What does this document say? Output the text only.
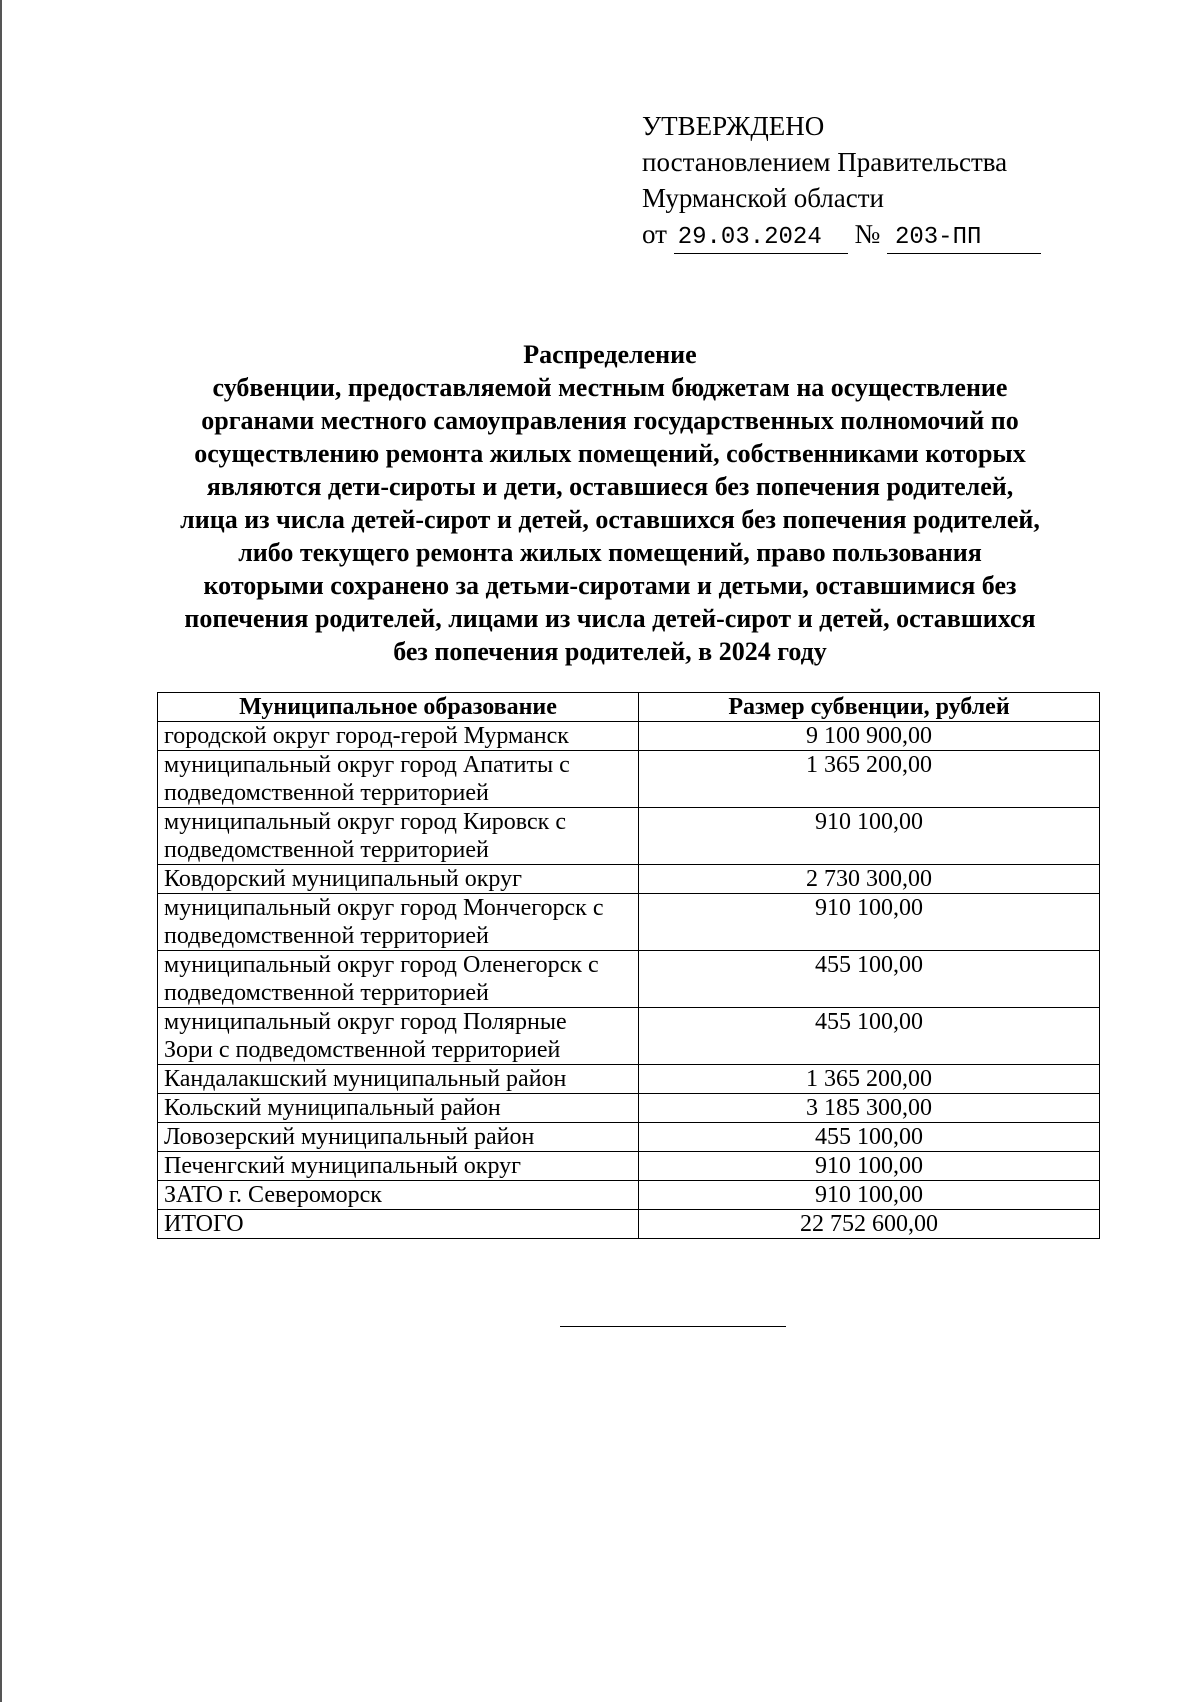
УТВЕРЖДЕНО
постановлением Правительства
Мурманской области
от 29.03.2024 № 203-ПП
Распределение
субвенции, предоставляемой местным бюджетам на осуществление
органами местного самоуправления государственных полномочий по
осуществлению ремонта жилых помещений, собственниками которых
являются дети-сироты и дети, оставшиеся без попечения родителей,
лица из числа детей-сирот и детей, оставшихся без попечения родителей,
либо текущего ремонта жилых помещений, право пользования
которыми сохранено за детьми-сиротами и детьми, оставшимися без
попечения родителей, лицами из числа детей-сирот и детей, оставшихся
без попечения родителей, в 2024 году
Муниципальное образование	Размер субвенции, рублей

городской округ город-герой Мурманск	9 100 900,00

муниципальный округ город Апатиты с
подведомственной территорией	1 365 200,00

муниципальный округ город Кировск с
подведомственной территорией	910 100,00

Ковдорский муниципальный округ	2 730 300,00

муниципальный округ город Мончегорск с
подведомственной территорией	910 100,00

муниципальный округ город Оленегорск с
подведомственной территорией	455 100,00

муниципальный округ город Полярные
Зори с подведомственной территорией	455 100,00

Кандалакшский муниципальный район	1 365 200,00

Кольский муниципальный район	3 185 300,00

Ловозерский муниципальный район	455 100,00

Печенгский муниципальный округ	910 100,00

ЗАТО г. Североморск	910 100,00

ИТОГО	22 752 600,00
